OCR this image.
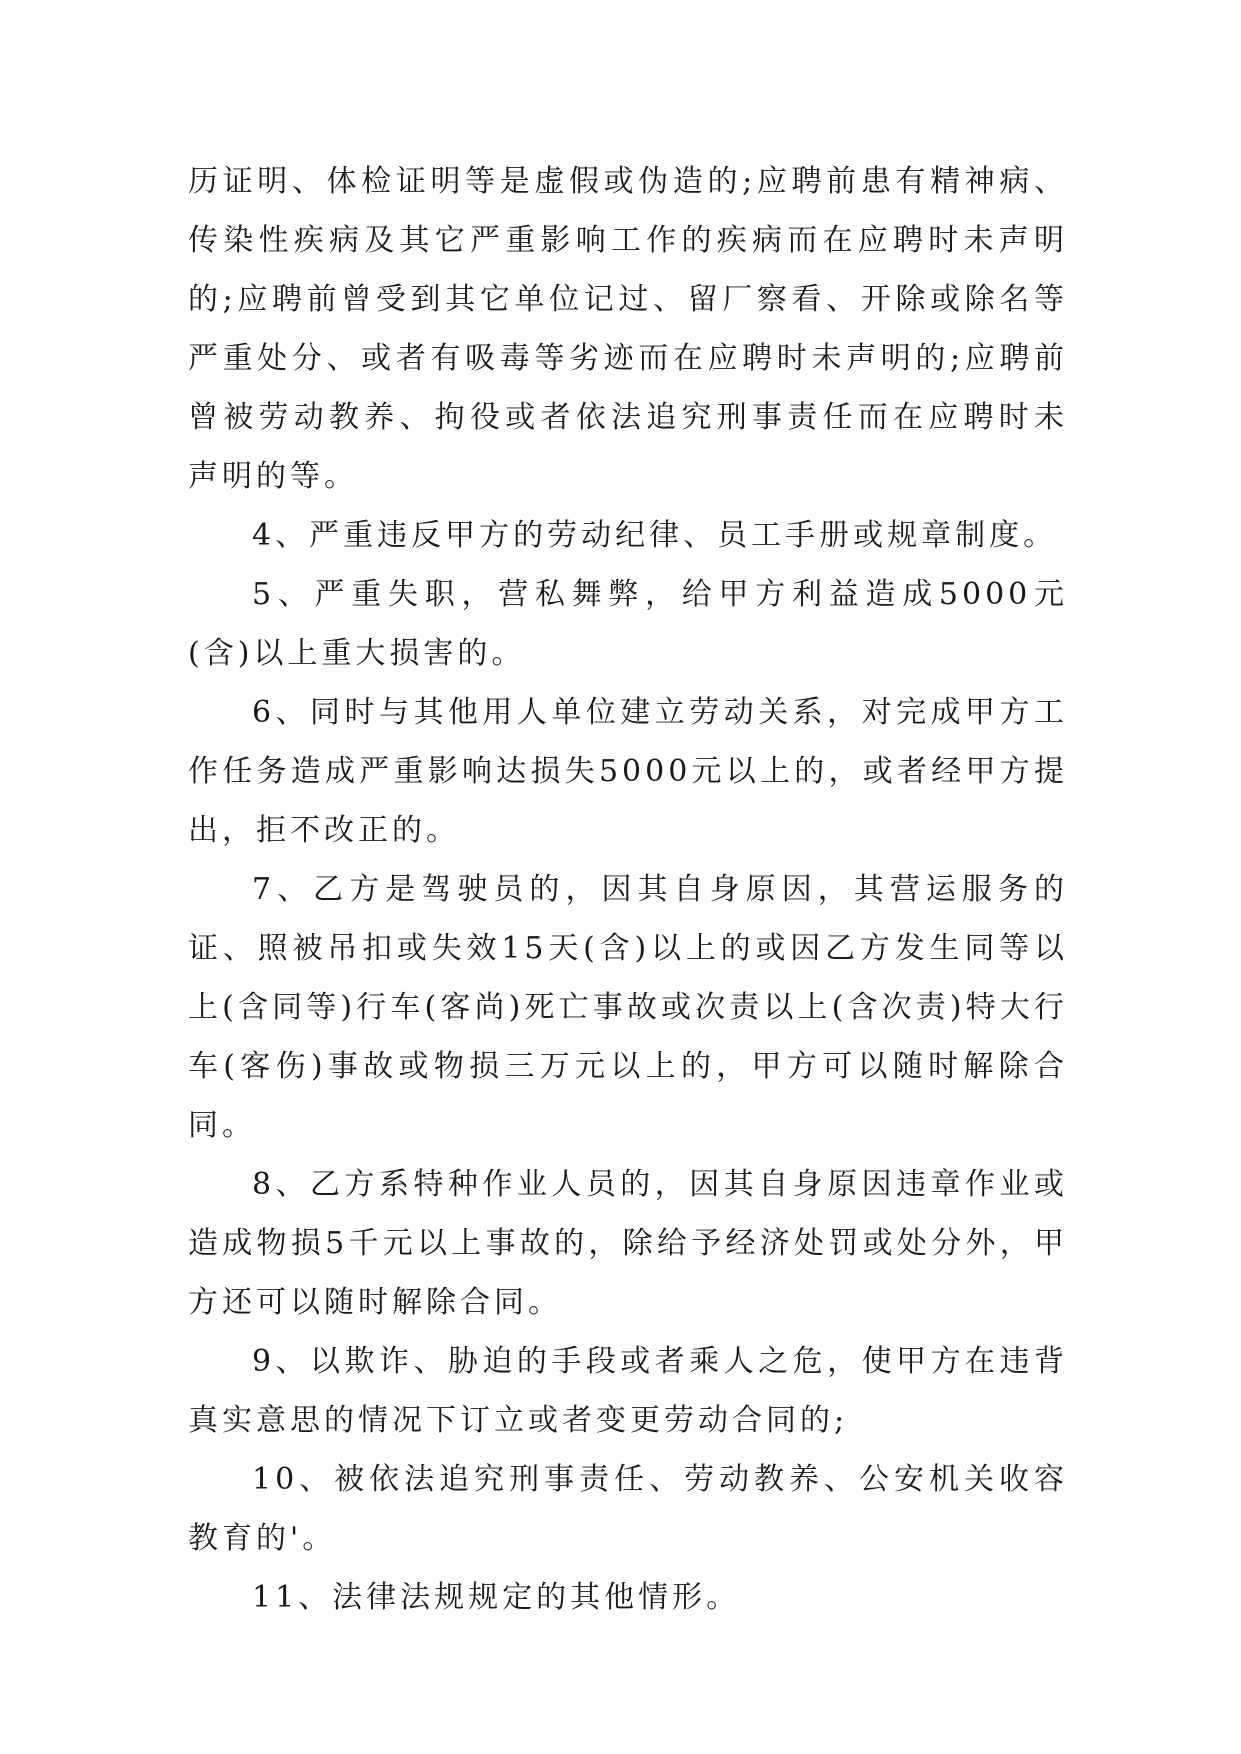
历证明、体检证明等是虚假或伪造的;应聘前患有精神病、传染性疾病及其它严重影响工作的疾病而在应聘时未声明的;应聘前曾受到其它单位记过、留厂察看、开除或除名等严重处分、或者有吸毒等劣迹而在应聘时未声明的;应聘前曾被劳动教养、拘役或者依法追究刑事责任而在应聘时未声明的等。

4、严重违反甲方的劳动纪律、员工手册或规章制度。

5、严重失职，营私舞弊，给甲方利益造成5000元(含)以上重大损害的。

6、同时与其他用人单位建立劳动关系，对完成甲方工作任务造成严重影响达损失5000元以上的，或者经甲方提出，拒不改正的。

7、乙方是驾驶员的，因其自身原因，其营运服务的证、照被吊扣或失效15天(含)以上的或因乙方发生同等以上(含同等)行车(客尚)死亡事故或次责以上(含次责)特大行车(客伤)事故或物损三万元以上的，甲方可以随时解除合同。

8、乙方系特种作业人员的，因其自身原因违章作业或造成物损5千元以上事故的，除给予经济处罚或处分外，甲方还可以随时解除合同。

9、以欺诈、胁迫的手段或者乘人之危，使甲方在违背真实意思的情况下订立或者变更劳动合同的;

10、被依法追究刑事责任、劳动教养、公安机关收容教育的'。

11、法律法规规定的其他情形。
